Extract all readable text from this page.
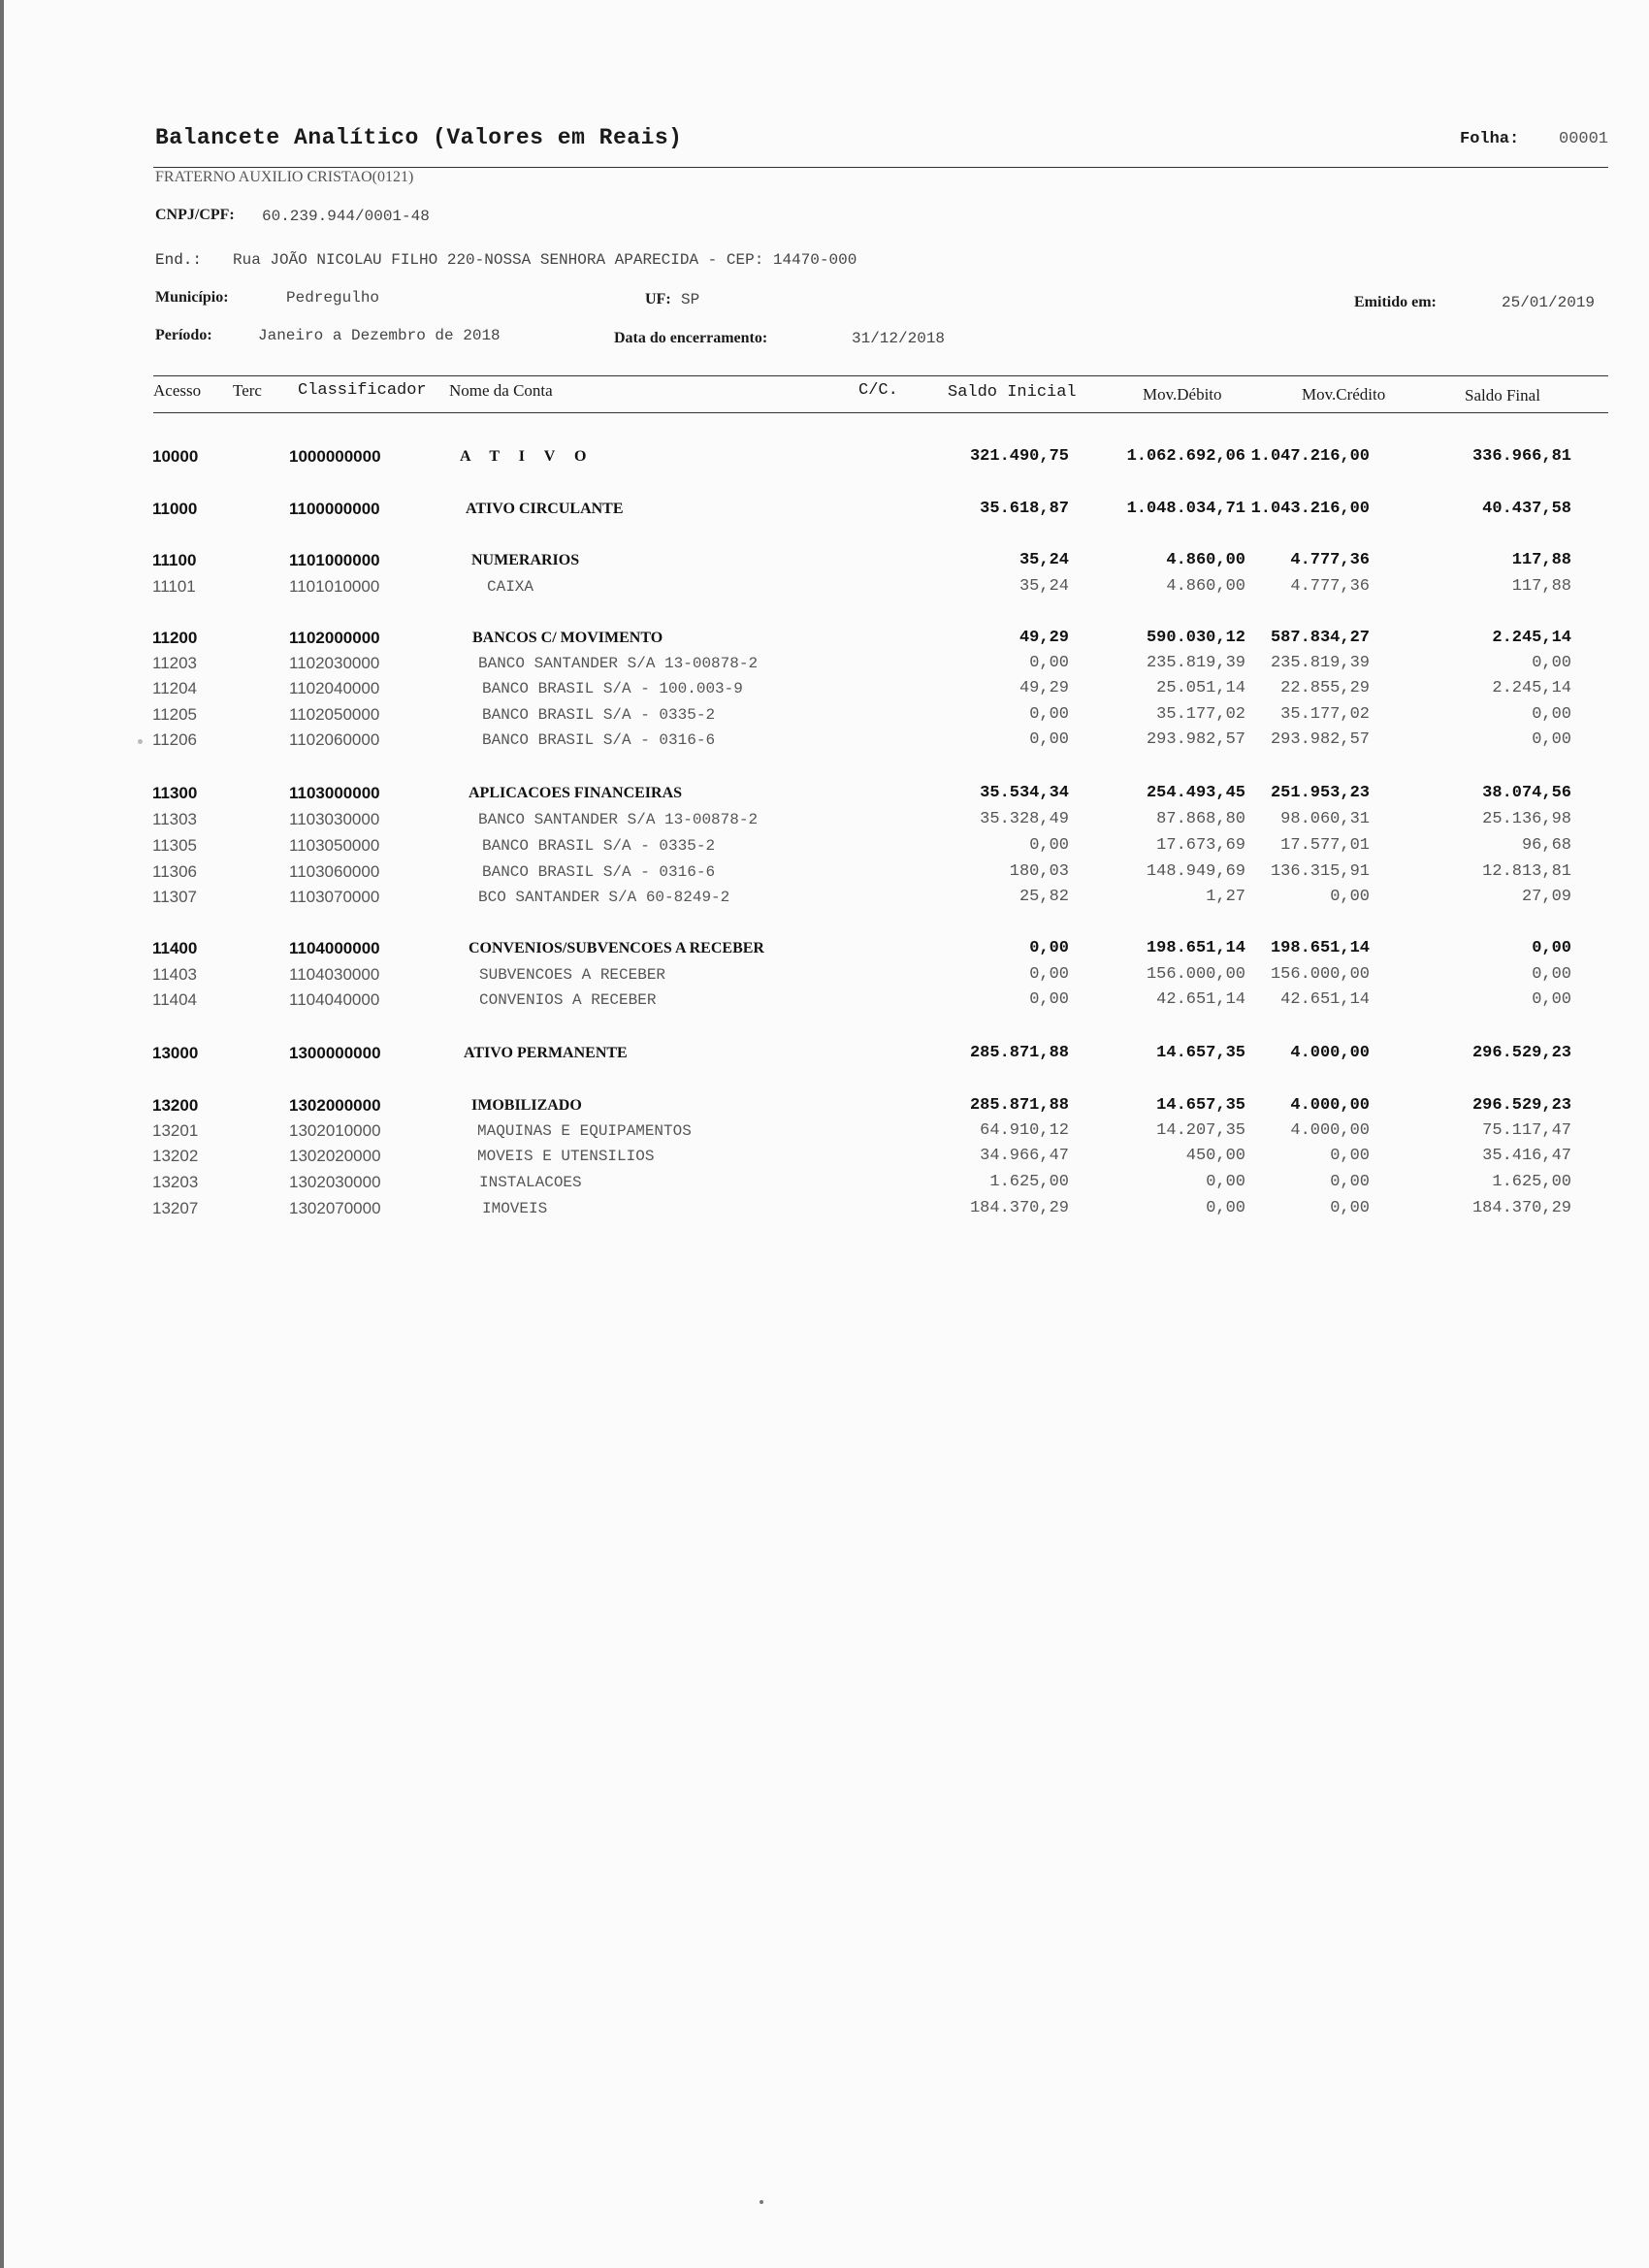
Balancete Analítico (Valores em Reais)	Folha: 00001
FRATERNO AUXILIO CRISTAO(0121)
CNPJ/CPF: 60.239.944/0001-48
End.: Rua JOÃO NICOLAU FILHO 220-NOSSA SENHORA APARECIDA - CEP: 14470-000
Município:	Pedregulho	UF: SP	Emitido em:	25/01/2019
Período:	Janeiro a Dezembro de 2018	Data do encerramento:	31/12/2018
Acesso Terc Classificador Nome da Conta	C/C.	Saldo Inicial	Mov.Débito	Mov.Crédito	Saldo Final
10000	1000000000	A T I V O	321.490,75	1.062.692,06 1.047.216,00	336.966,81
11000	1100000000	ATIVO CIRCULANTE	35.618,87	1.048.034,71 1.043.216,00	40.437,58
11100	1101000000	NUMERARIOS	35,24	4.860,00	4.777,36	117,88
11101	1101010000	CAIXA	35,24	4.860,00	4.777,36	117,88
11200	1102000000	BANCOS C/ MOVIMENTO	49,29	590.030,12	587.834,27	2.245,14
11203	1102030000	BANCO SANTANDER S/A 13-00878-2	0,00	235.819,39	235.819,39	0,00
11204	1102040000	BANCO BRASIL S/A - 100.003-9	49,29	25.051,14	22.855,29	2.245,14
11205	1102050000	BANCO BRASIL S/A - 0335-2	0,00	35.177,02	35.177,02	0,00
11206	1102060000	BANCO BRASIL S/A - 0316-6	0,00	293.982,57	293.982,57	0,00
11300	1103000000	APLICACOES FINANCEIRAS	35.534,34	254.493,45	251.953,23	38.074,56
11303	1103030000	BANCO SANTANDER S/A 13-00878-2	35.328,49	87.868,80	98.060,31	25.136,98
11305	1103050000	BANCO BRASIL S/A - 0335-2	0,00	17.673,69	17.577,01	96,68
11306	1103060000	BANCO BRASIL S/A - 0316-6	180,03	148.949,69	136.315,91	12.813,81
11307	1103070000	BCO SANTANDER S/A 60-8249-2	25,82	1,27	0,00	27,09
11400	1104000000	CONVENIOS/SUBVENCOES A RECEBER	0,00	198.651,14	198.651,14	0,00
11403	1104030000	SUBVENCOES A RECEBER	0,00	156.000,00	156.000,00	0,00
11404	1104040000	CONVENIOS A RECEBER	0,00	42.651,14	42.651,14	0,00
13000	1300000000	ATIVO PERMANENTE	285.871,88	14.657,35	4.000,00	296.529,23
13200	1302000000	IMOBILIZADO	285.871,88	14.657,35	4.000,00	296.529,23
13201	1302010000	MAQUINAS E EQUIPAMENTOS	64.910,12	14.207,35	4.000,00	75.117,47
13202	1302020000	MOVEIS E UTENSILIOS	34.966,47	450,00	0,00	35.416,47
13203	1302030000	INSTALACOES	1.625,00	0,00	0,00	1.625,00
13207	1302070000	IMOVEIS	184.370,29	0,00	0,00	184.370,29
